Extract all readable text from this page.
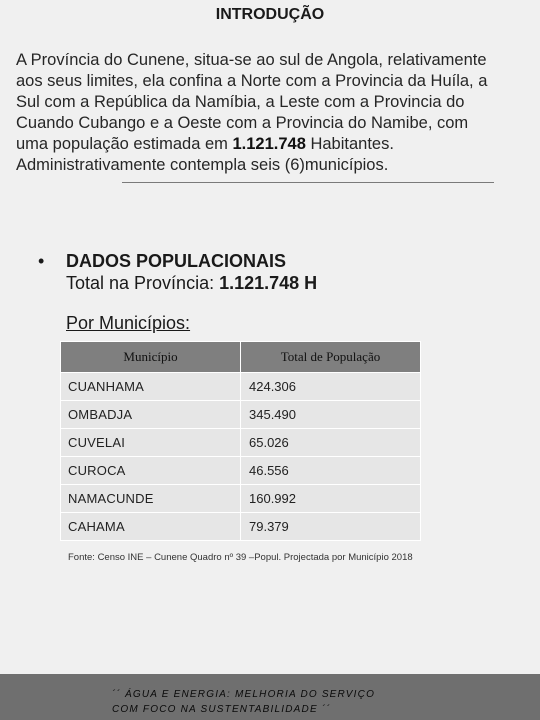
INTRODUÇÃO
A Província do Cunene, situa-se ao sul de Angola, relativamente aos seus limites, ela confina a Norte com a Provincia da Huíla, a Sul com a República da Namíbia, a Leste com a Provincia do Cuando Cubango e a Oeste com a Provincia do Namibe, com uma população estimada em 1.121.748 Habitantes. Administrativamente contempla seis (6)municípios.
• DADOS POPULACIONAIS
Total na Província: 1.121.748 H
Por Municípios:
Município	Total de População
CUANHAMA	424.306
OMBADJA	345.490
CUVELAI	65.026
CUROCA	46.556
NAMACUNDE	160.992
CAHAMA	79.379
Fonte: Censo INE – Cunene Quadro nº 39 –Popul. Projectada por Município 2018
´´ ÁGUA E ENERGIA: MELHORIA DO SERVIÇO
COM FOCO NA SUSTENTABILIDADE ´´
